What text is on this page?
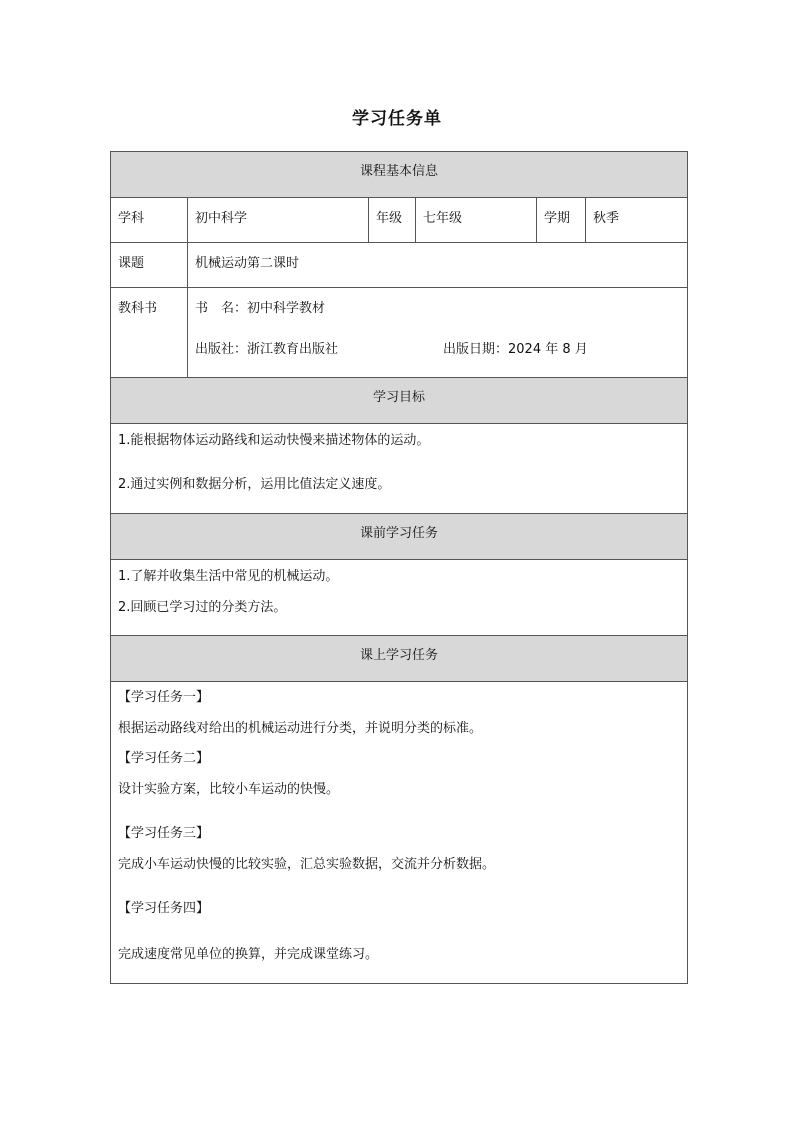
学习任务单
课程基本信息
学科	初中科学	年级	七年级	学期	秋季
课题	机械运动第二课时
教科书	书　名：初中科学教材
出版社：浙江教育出版社	出版日期：2024 年 8 月
学习目标

1.能根据物体运动路线和运动快慢来描述物体的运动。

2.通过实例和数据分析，运用比值法定义速度。

课前学习任务

1.了解并收集生活中常见的机械运动。

2.回顾已学习过的分类方法。

课上学习任务

【学习任务一】

根据运动路线对给出的机械运动进行分类，并说明分类的标准。

【学习任务二】

设计实验方案，比较小车运动的快慢。

【学习任务三】

完成小车运动快慢的比较实验，汇总实验数据，交流并分析数据。

【学习任务四】

完成速度常见单位的换算，并完成课堂练习。
